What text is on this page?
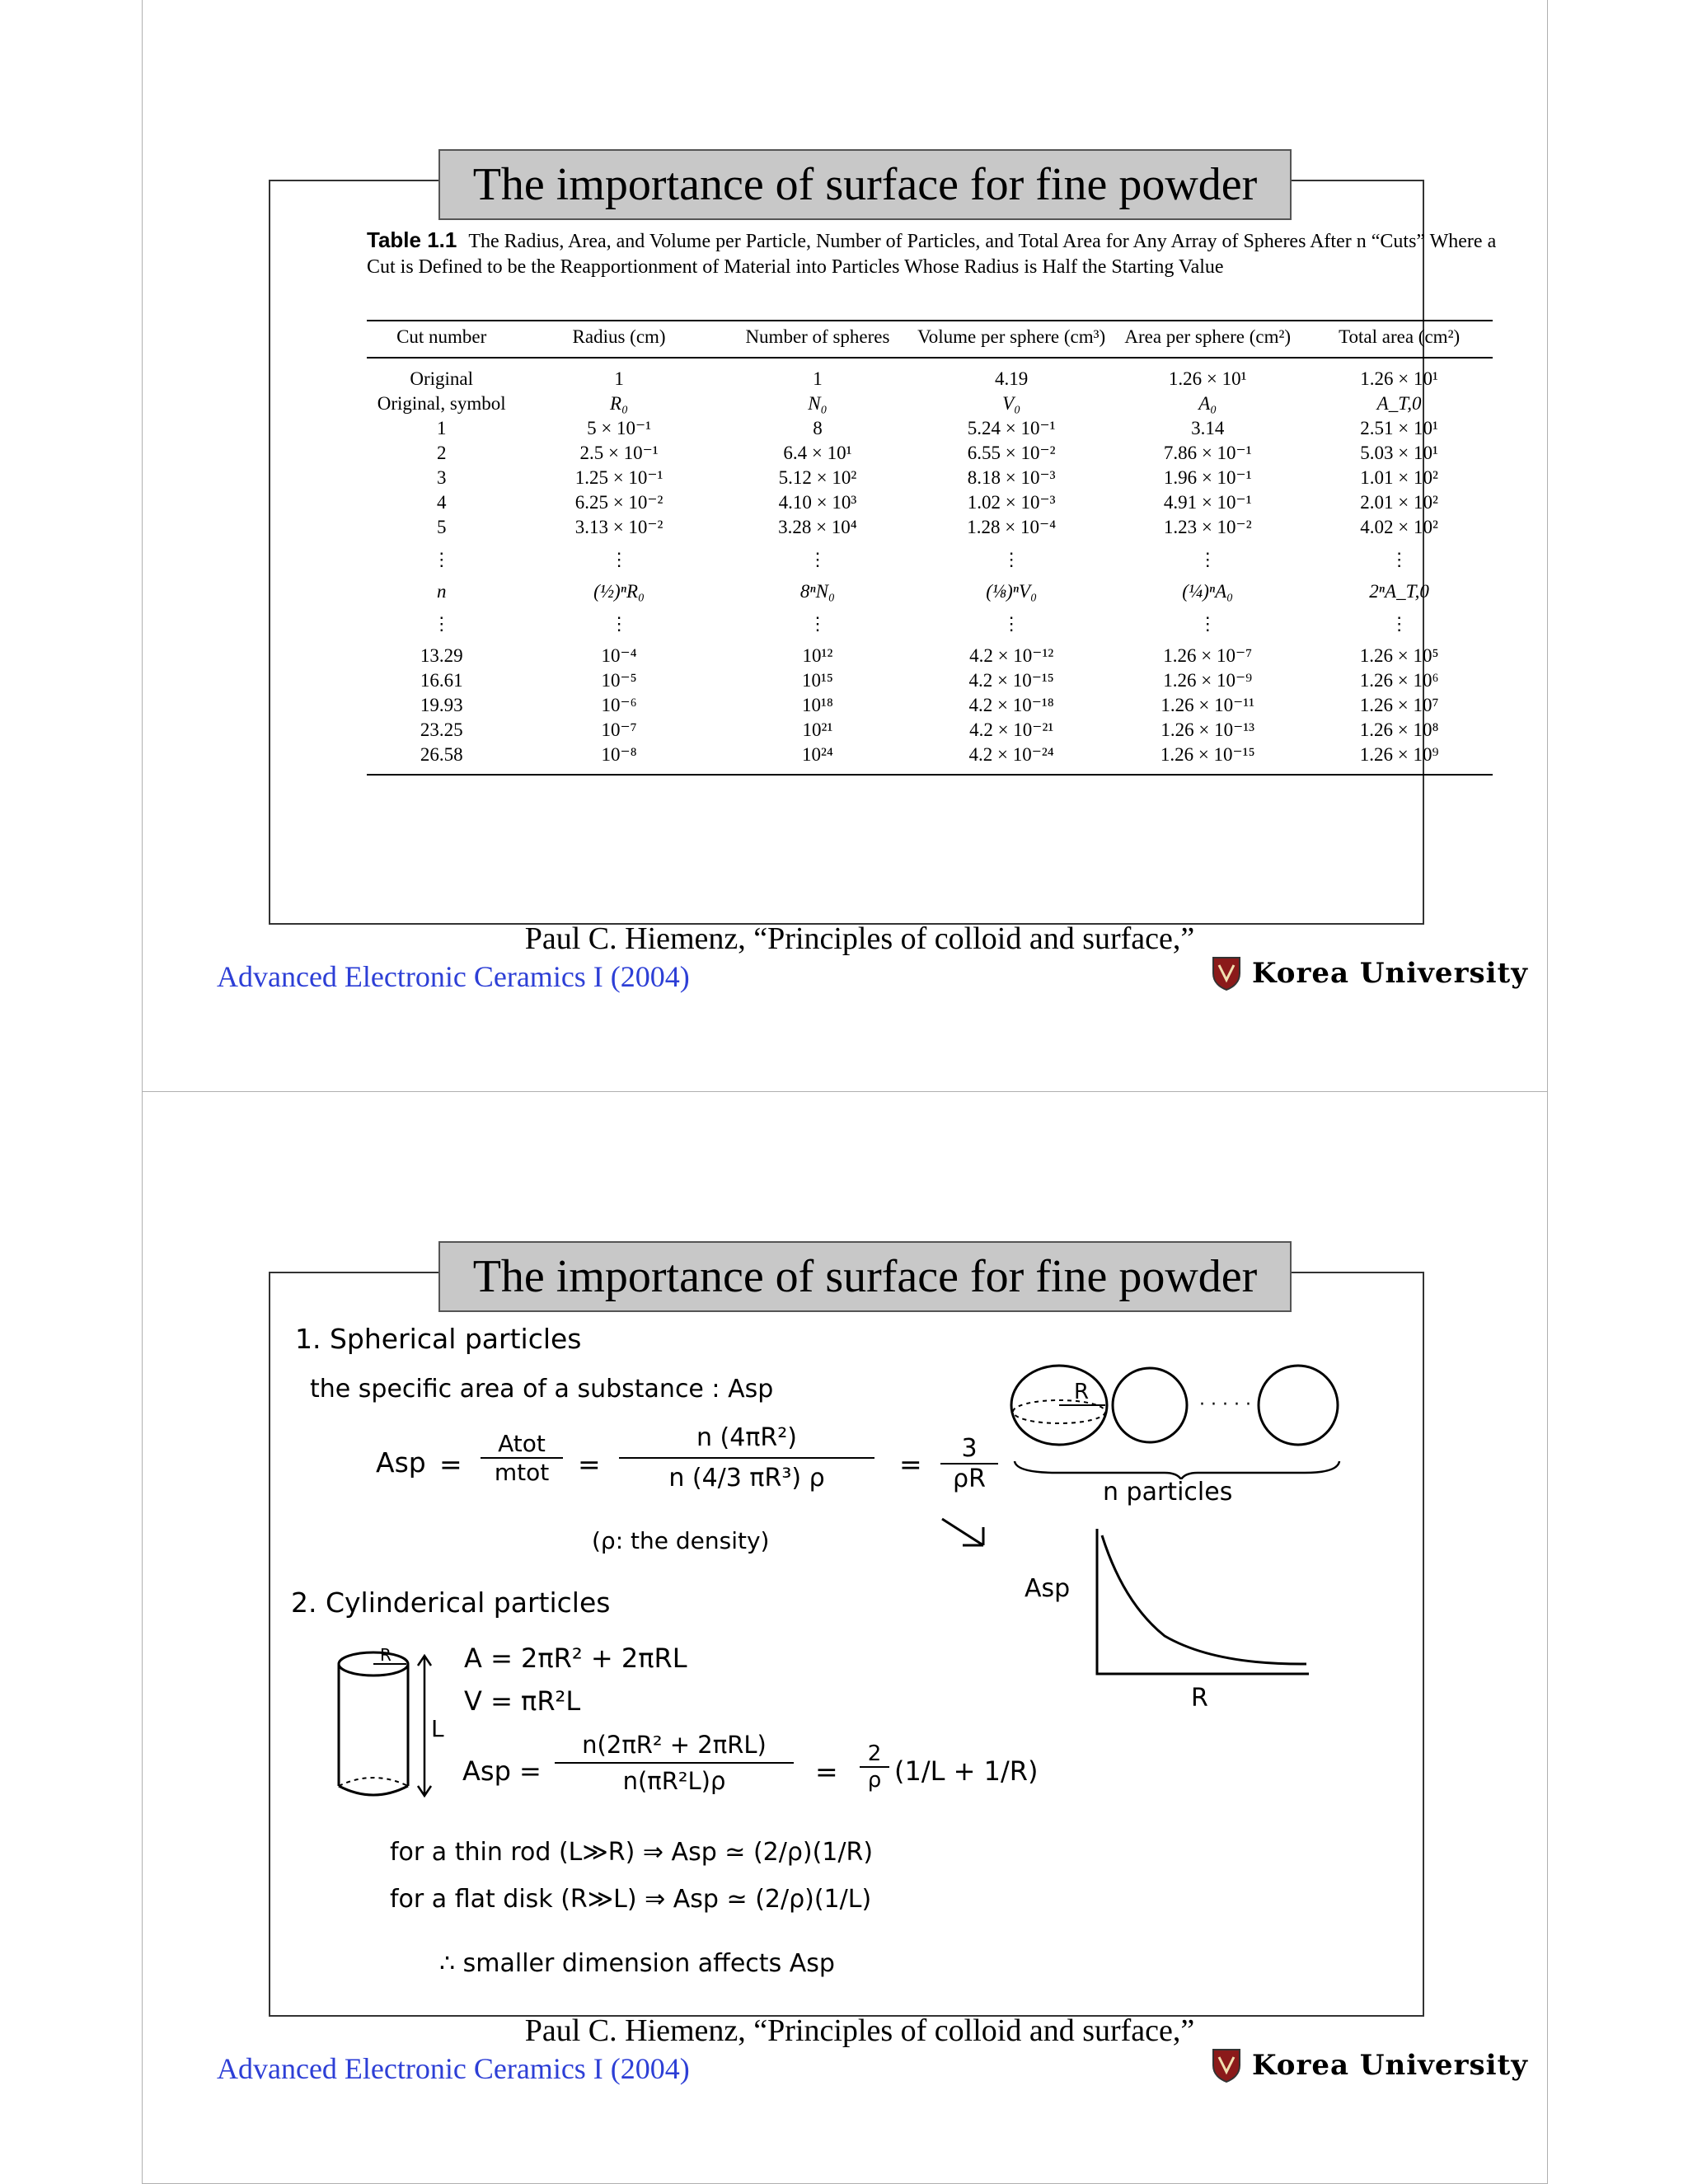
The importance of surface for fine powder
Table 1.1 The Radius, Area, and Volume per Particle, Number of Particles, and Total Area for Any Array of Spheres After n “Cuts” Where a Cut is Defined to be the Reapportionment of Material into Particles Whose Radius is Half the Starting Value
Cut number	Radius (cm)	Number of spheres	Volume per sphere (cm³)	Area per sphere (cm²)	Total area (cm²)
Original	1	1	4.19	1.26 × 10¹	1.26 × 10¹
Original, symbol	R₀	N₀	V₀	A₀	A_T,0
1	5 × 10⁻¹	8	5.24 × 10⁻¹	3.14	2.51 × 10¹
2	2.5 × 10⁻¹	6.4 × 10¹	6.55 × 10⁻²	7.86 × 10⁻¹	5.03 × 10¹
3	1.25 × 10⁻¹	5.12 × 10²	8.18 × 10⁻³	1.96 × 10⁻¹	1.01 × 10²
4	6.25 × 10⁻²	4.10 × 10³	1.02 × 10⁻³	4.91 × 10⁻¹	2.01 × 10²
5	3.13 × 10⁻²	3.28 × 10⁴	1.28 × 10⁻⁴	1.23 × 10⁻²	4.02 × 10²
⋮	⋮	⋮	⋮	⋮	⋮
n	(½)ⁿR₀	8ⁿN₀	(⅛)ⁿV₀	(¼)ⁿA₀	2ⁿA_T,0
⋮	⋮	⋮	⋮	⋮	⋮
13.29	10⁻⁴	10¹²	4.2 × 10⁻¹²	1.26 × 10⁻⁷	1.26 × 10⁵
16.61	10⁻⁵	10¹⁵	4.2 × 10⁻¹⁵	1.26 × 10⁻⁹	1.26 × 10⁶
19.93	10⁻⁶	10¹⁸	4.2 × 10⁻¹⁸	1.26 × 10⁻¹¹	1.26 × 10⁷
23.25	10⁻⁷	10²¹	4.2 × 10⁻²¹	1.26 × 10⁻¹³	1.26 × 10⁸
26.58	10⁻⁸	10²⁴	4.2 × 10⁻²⁴	1.26 × 10⁻¹⁵	1.26 × 10⁹
Paul C. Hiemenz, “Principles of colloid and surface,”
Advanced Electronic Ceramics I (2004)	Korea University
The importance of surface for fine powder
1. Spherical particles
the specific area of a substance : Asp
Asp =
Atot
mtot	= $\frac{\text{n (4πR²)}}{\text{n (4/3 πR³) ρ}} = \frac{3}{\rho R}$
(ρ: the density)
R
· · · · ·
n particles
Asp
R
2. Cylinderical particles
R
L
A = 2πR² + 2πRL
V = πR²L
Asp =
n(2πR² + 2πRL)
n(πR²L)ρ	= $\frac{2}{\rho} (1/L + 1/R)$
for a thin rod (L≫R) ⇒ Asp ≃ (2/ρ)(1/R)
for a flat disk (R≫L) ⇒ Asp ≃ (2/ρ)(1/L)
∴ smaller dimension affects Asp
Paul C. Hiemenz, “Principles of colloid and surface,”
Advanced Electronic Ceramics I (2004)	Korea University
